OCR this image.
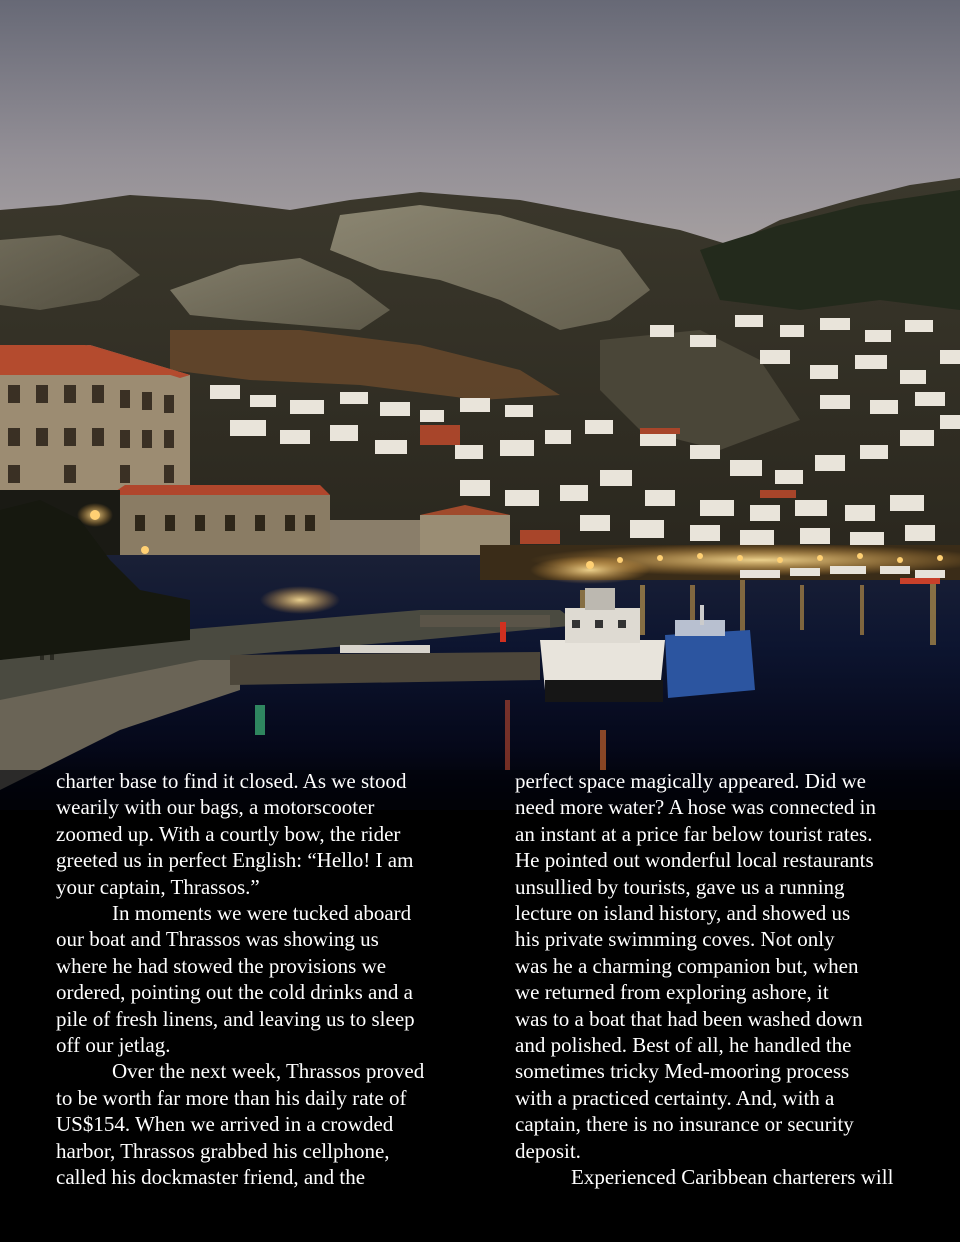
charter base to find it closed. As we stood

wearily with our bags, a motorscooter

zoomed up. With a courtly bow, the rider

greeted us in perfect English: “Hello! I am

your captain, Thrassos.”

In moments we were tucked aboard

our boat and Thrassos was showing us

where he had stowed the provisions we

ordered, pointing out the cold drinks and a

pile of fresh linens, and leaving us to sleep

off our jetlag.

Over the next week, Thrassos proved

to be worth far more than his daily rate of

US$154. When we arrived in a crowded

harbor, Thrassos grabbed his cellphone,

called his dockmaster friend, and the

perfect space magically appeared. Did we

need more water? A hose was connected in

an instant at a price far below tourist rates.

He pointed out wonderful local restaurants

unsullied by tourists, gave us a running

lecture on island history, and showed us

his private swimming coves. Not only

was he a charming companion but, when

we returned from exploring ashore, it

was to a boat that had been washed down

and polished. Best of all, he handled the

sometimes tricky Med-mooring process

with a practiced certainty. And, with a

captain, there is no insurance or security

deposit.

Experienced Caribbean charterers will
